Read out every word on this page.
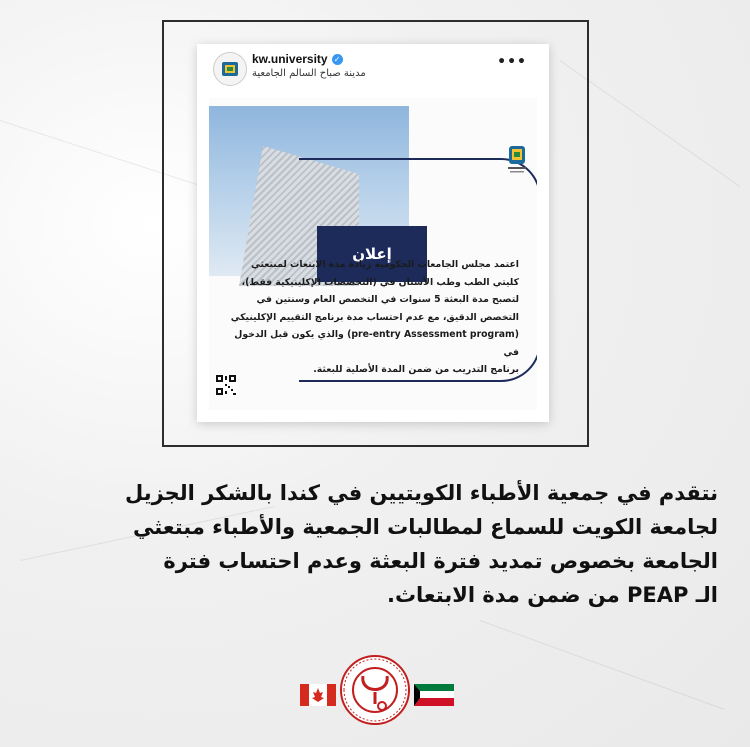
kw.university ✓
مدينة صباح السالم الجامعية
•••
إعلان
اعتمد مجلس الجامعات الحكومية زيادة مدة الابتعاث لمبتعثي
كليتي الطب وطب الأسنان في (التخصصات الإكلينيكية فقط)،
لتصبح مدة البعثة 5 سنوات في التخصص العام وسنتين في
التخصص الدقيق، مع عدم احتساب مدة برنامج التقييم الإكلينيكي
(pre-entry Assessment program) والذي يكون قبل الدخول في
برنامج التدريب من ضمن المدة الأصلية للبعثة.
نتقدم في جمعية الأطباء الكويتيين في كندا بالشكر الجزيل
لجامعة الكويت للسماع لمطالبات الجمعية والأطباء مبتعثي
الجامعة بخصوص تمديد فترة البعثة وعدم احتساب فترة
الـ PEAP من ضمن مدة الابتعاث.
